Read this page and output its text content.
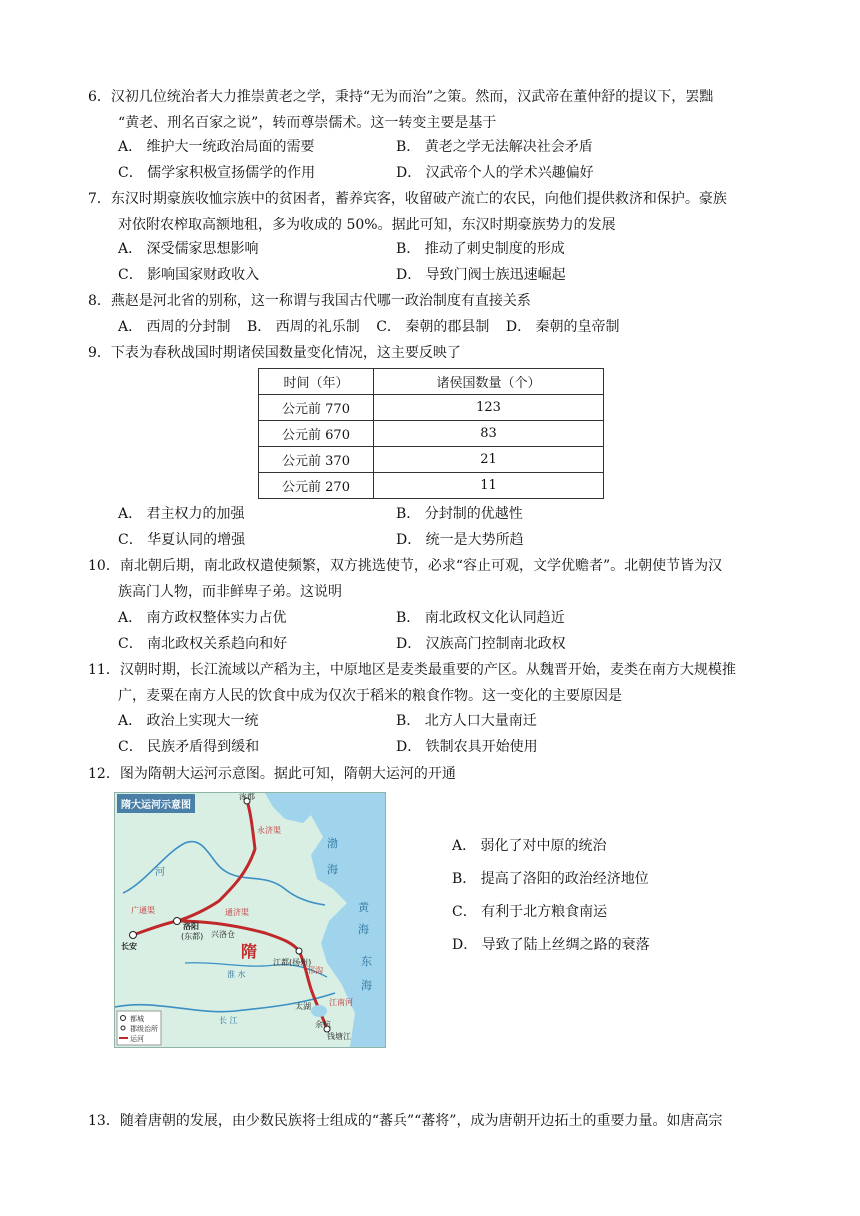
6．汉初几位统治者大力推崇黄老之学，秉持“无为而治”之策。然而，汉武帝在董仲舒的提议下，罢黜
“黄老、刑名百家之说”，转而尊崇儒术。这一转变主要是基于
A． 维护大一统政治局面的需要	B． 黄老之学无法解决社会矛盾
C． 儒学家积极宣扬儒学的作用	D． 汉武帝个人的学术兴趣偏好
7．东汉时期豪族收恤宗族中的贫困者，蓄养宾客，收留破产流亡的农民，向他们提供救济和保护。豪族
对依附农榨取高额地租，多为收成的 50%。据此可知，东汉时期豪族势力的发展
A． 深受儒家思想影响	B． 推动了刺史制度的形成
C． 影响国家财政收入	D． 导致门阀士族迅速崛起
8．燕赵是河北省的别称，这一称谓与我国古代哪一政治制度有直接关系
A． 西周的分封制 B． 西周的礼乐制 C． 秦朝的郡县制 D． 秦朝的皇帝制
9．下表为春秋战国时期诸侯国数量变化情况，这主要反映了
时间（年）	诸侯国数量（个）
公元前 770	123
公元前 670	83
公元前 370	21
公元前 270	11
A． 君主权力的加强	B． 分封制的优越性
C． 华夏认同的增强	D． 统一是大势所趋
10．南北朝后期，南北政权遣使频繁，双方挑选使节，必求“容止可观，文学优赡者”。北朝使节皆为汉
族高门人物，而非鲜卑子弟。这说明
A． 南方政权整体实力占优	B． 南北政权文化认同趋近
C． 南北政权关系趋向和好	D． 汉族高门控制南北政权
11．汉朝时期，长江流域以产稻为主，中原地区是麦类最重要的产区。从魏晋开始，麦类在南方大规模推
广，麦粟在南方人民的饮食中成为仅次于稻米的粮食作物。这一变化的主要原因是
A． 政治上实现大一统	B． 北方人口大量南迁
C． 民族矛盾得到缓和	D． 铁制农具开始使用
12．图为隋朝大运河示意图。据此可知，隋朝大运河的开通
涿郡
渤
海
黄
海
东
海
河
洛阳
(东都) 兴洛仓
长安
广通渠
隋
江都(扬州)
淮 水
太湖
余杭
钱塘江
长 江
永济渠
通济渠
邗沟
江南河
都城
郡级治所
运河
隋大运河示意图
A． 弱化了对中原的统治
B． 提高了洛阳的政治经济地位
C． 有利于北方粮食南运
D． 导致了陆上丝绸之路的衰落
13．随着唐朝的发展，由少数民族将士组成的“蕃兵”“蕃将”，成为唐朝开边拓土的重要力量。如唐高宗
